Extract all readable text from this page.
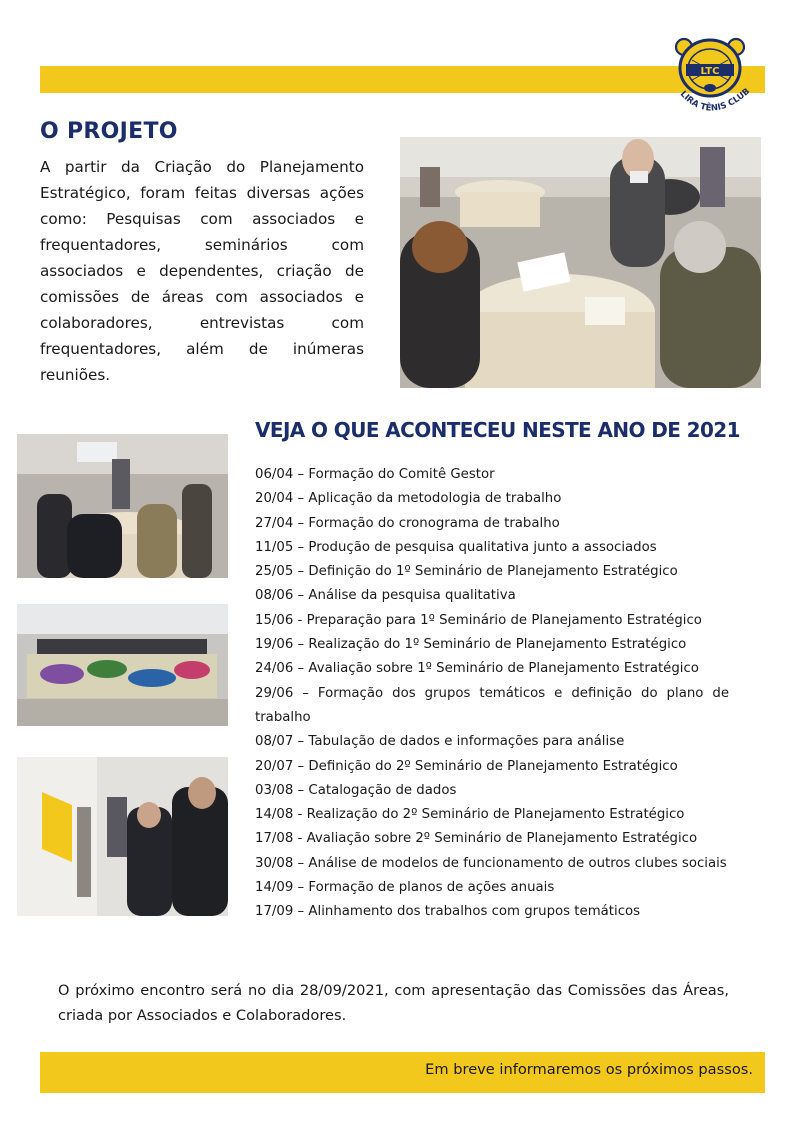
LTC
LIRA TÊNIS CLUB
O PROJETO

A partir da Criação do Planejamento Estratégico, foram feitas diversas ações como: Pesquisas com associados e frequentadores, seminários com associados e dependentes, criação de comissões de áreas com associados e colaboradores, entrevistas com frequentadores, além de inúmeras reuniões.

VEJA O QUE ACONTECEU NESTE ANO DE 2021
06/04 – Formação do Comitê Gestor
20/04 – Aplicação da metodologia de trabalho
27/04 – Formação do cronograma de trabalho
11/05 – Produção de pesquisa qualitativa junto a associados
25/05 – Definição do 1º Seminário de Planejamento Estratégico
08/06 – Análise da pesquisa qualitativa
15/06 - Preparação para 1º Seminário de Planejamento Estratégico
19/06 – Realização do 1º Seminário de Planejamento Estratégico
24/06 – Avaliação sobre 1º Seminário de Planejamento Estratégico
29/06 – Formação dos grupos temáticos e definição do plano de trabalho
08/07 – Tabulação de dados e informações para análise
20/07 – Definição do 2º Seminário de Planejamento Estratégico
03/08 – Catalogação de dados
14/08 - Realização do 2º Seminário de Planejamento Estratégico
17/08 - Avaliação sobre 2º Seminário de Planejamento Estratégico
30/08 – Análise de modelos de funcionamento de outros clubes sociais
14/09 – Formação de planos de ações anuais
17/09 – Alinhamento dos trabalhos com grupos temáticos

O próximo encontro será no dia 28/09/2021, com apresentação das Comissões das Áreas, criada por Associados e Colaboradores.

Em breve informaremos os próximos passos.
